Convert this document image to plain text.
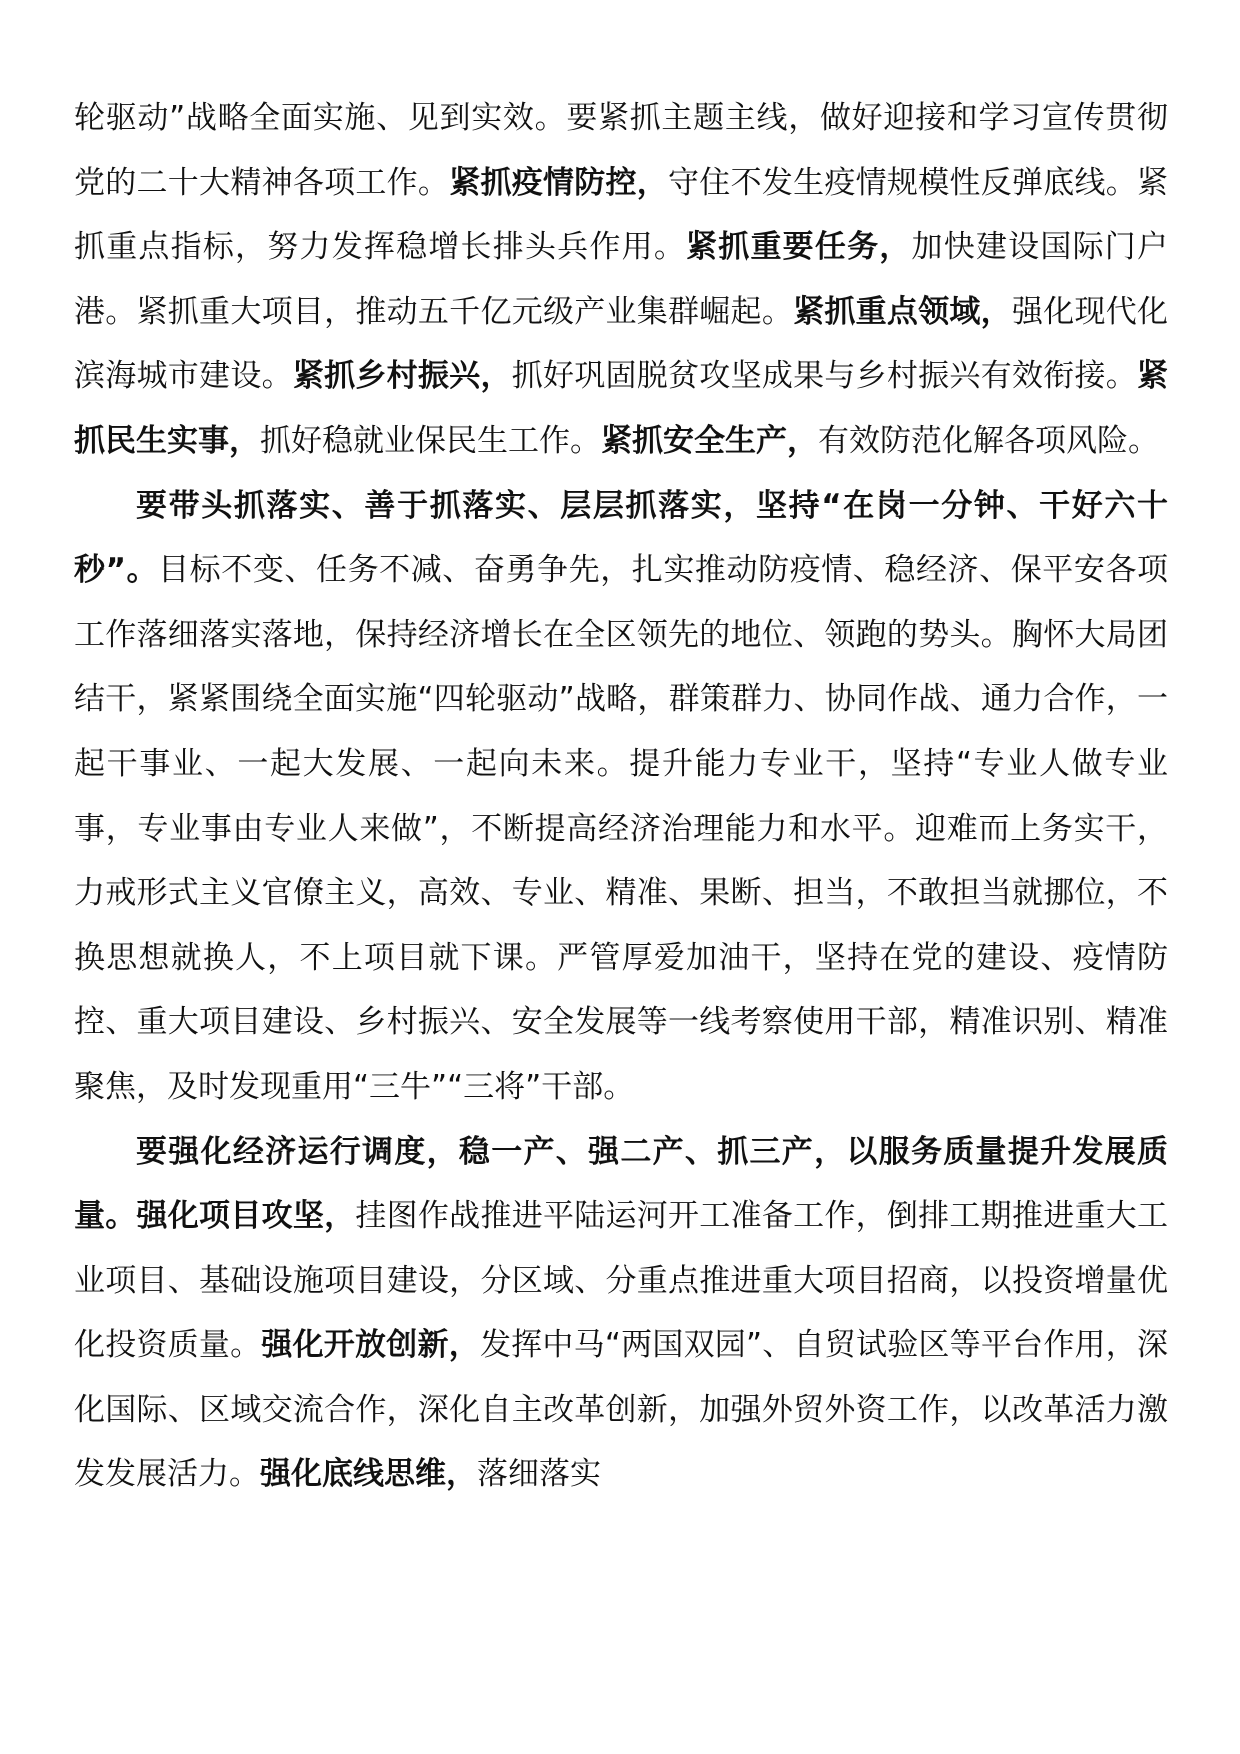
轮驱动”战略全面实施、见到实效。要紧抓主题主线，做好迎接和学习宣传贯彻党的二十大精神各项工作。紧抓疫情防控，守住不发生疫情规模性反弹底线。紧抓重点指标，努力发挥稳增长排头兵作用。紧抓重要任务，加快建设国际门户港。紧抓重大项目，推动五千亿元级产业集群崛起。紧抓重点领域，强化现代化滨海城市建设。紧抓乡村振兴，抓好巩固脱贫攻坚成果与乡村振兴有效衔接。紧抓民生实事，抓好稳就业保民生工作。紧抓安全生产，有效防范化解各项风险。

要带头抓落实、善于抓落实、层层抓落实，坚持“在岗一分钟、干好六十秒”。目标不变、任务不减、奋勇争先，扎实推动防疫情、稳经济、保平安各项工作落细落实落地，保持经济增长在全区领先的地位、领跑的势头。胸怀大局团结干，紧紧围绕全面实施“四轮驱动”战略，群策群力、协同作战、通力合作，一起干事业、一起大发展、一起向未来。提升能力专业干，坚持“专业人做专业事，专业事由专业人来做”，不断提高经济治理能力和水平。迎难而上务实干，力戒形式主义官僚主义，高效、专业、精准、果断、担当，不敢担当就挪位，不换思想就换人，不上项目就下课。严管厚爱加油干，坚持在党的建设、疫情防控、重大项目建设、乡村振兴、安全发展等一线考察使用干部，精准识别、精准聚焦，及时发现重用“三牛”“三将”干部。

要强化经济运行调度，稳一产、强二产、抓三产，以服务质量提升发展质量。强化项目攻坚，挂图作战推进平陆运河开工准备工作，倒排工期推进重大工业项目、基础设施项目建设，分区域、分重点推进重大项目招商，以投资增量优化投资质量。强化开放创新，发挥中马“两国双园”、自贸试验区等平台作用，深化国际、区域交流合作，深化自主改革创新，加强外贸外资工作，以改革活力激发发展活力。强化底线思维，落细落实
